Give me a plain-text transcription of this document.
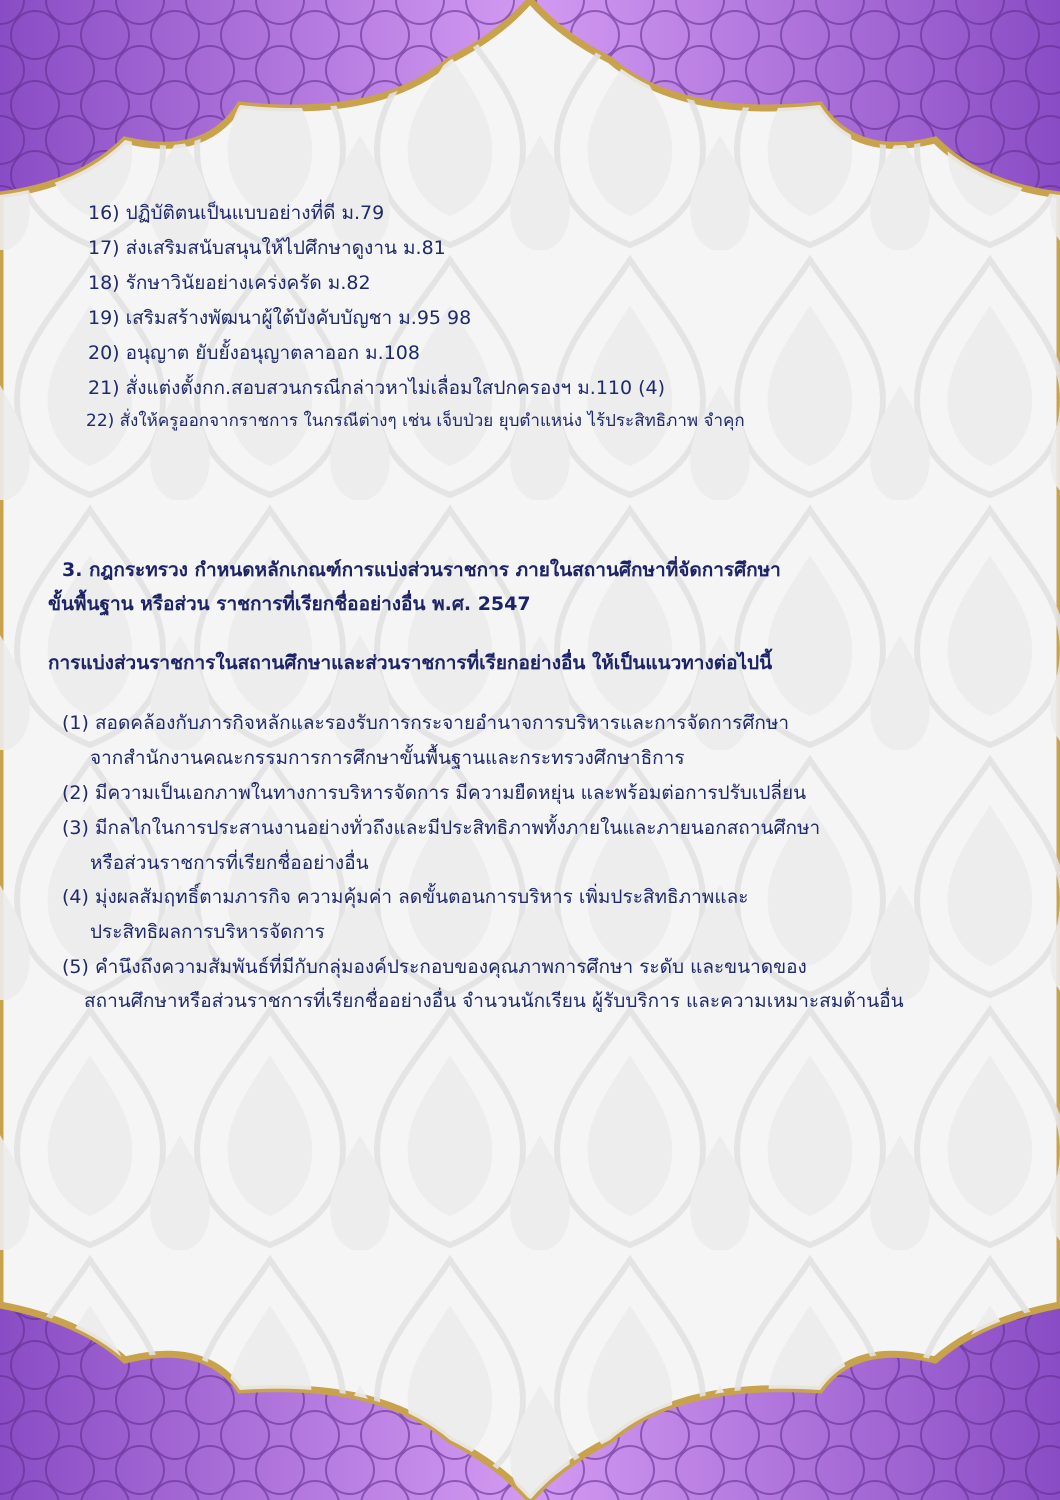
16) ปฏิบัติตนเป็นแบบอย่างที่ดี ม.79
17) ส่งเสริมสนับสนุนให้ไปศึกษาดูงาน ม.81
18) รักษาวินัยอย่างเคร่งครัด ม.82
19) เสริมสร้างพัฒนาผู้ใต้บังคับบัญชา ม.95 98
20) อนุญาต ยับยั้งอนุญาตลาออก ม.108
21) สั่งแต่งตั้งกก.สอบสวนกรณีกล่าวหาไม่เลื่อมใสปกครองฯ ม.110 (4)
22) สั่งให้ครูออกจากราชการ ในกรณีต่างๆ เช่น เจ็บป่วย ยุบตำแหน่ง ไร้ประสิทธิภาพ จำคุก
3. กฎกระทรวง กำหนดหลักเกณฑ์การแบ่งส่วนราชการ ภายในสถานศึกษาที่จัดการศึกษา
ขั้นพื้นฐาน หรือส่วน ราชการที่เรียกชื่ออย่างอื่น พ.ศ. 2547
การแบ่งส่วนราชการในสถานศึกษาและส่วนราชการที่เรียกอย่างอื่น ให้เป็นแนวทางต่อไปนี้
(1) สอดคล้องกับภารกิจหลักและรองรับการกระจายอำนาจการบริหารและการจัดการศึกษา
จากสำนักงานคณะกรรมการการศึกษาขั้นพื้นฐานและกระทรวงศึกษาธิการ
(2) มีความเป็นเอกภาพในทางการบริหารจัดการ มีความยืดหยุ่น และพร้อมต่อการปรับเปลี่ยน
(3) มีกลไกในการประสานงานอย่างทั่วถึงและมีประสิทธิภาพทั้งภายในและภายนอกสถานศึกษา
หรือส่วนราชการที่เรียกชื่ออย่างอื่น
(4) มุ่งผลสัมฤทธิ์ตามภารกิจ ความคุ้มค่า ลดขั้นตอนการบริหาร เพิ่มประสิทธิภาพและ
ประสิทธิผลการบริหารจัดการ
(5) คำนึงถึงความสัมพันธ์ที่มีกับกลุ่มองค์ประกอบของคุณภาพการศึกษา ระดับ และขนาดของ
สถานศึกษาหรือส่วนราชการที่เรียกชื่ออย่างอื่น จำนวนนักเรียน ผู้รับบริการ และความเหมาะสมด้านอื่น
